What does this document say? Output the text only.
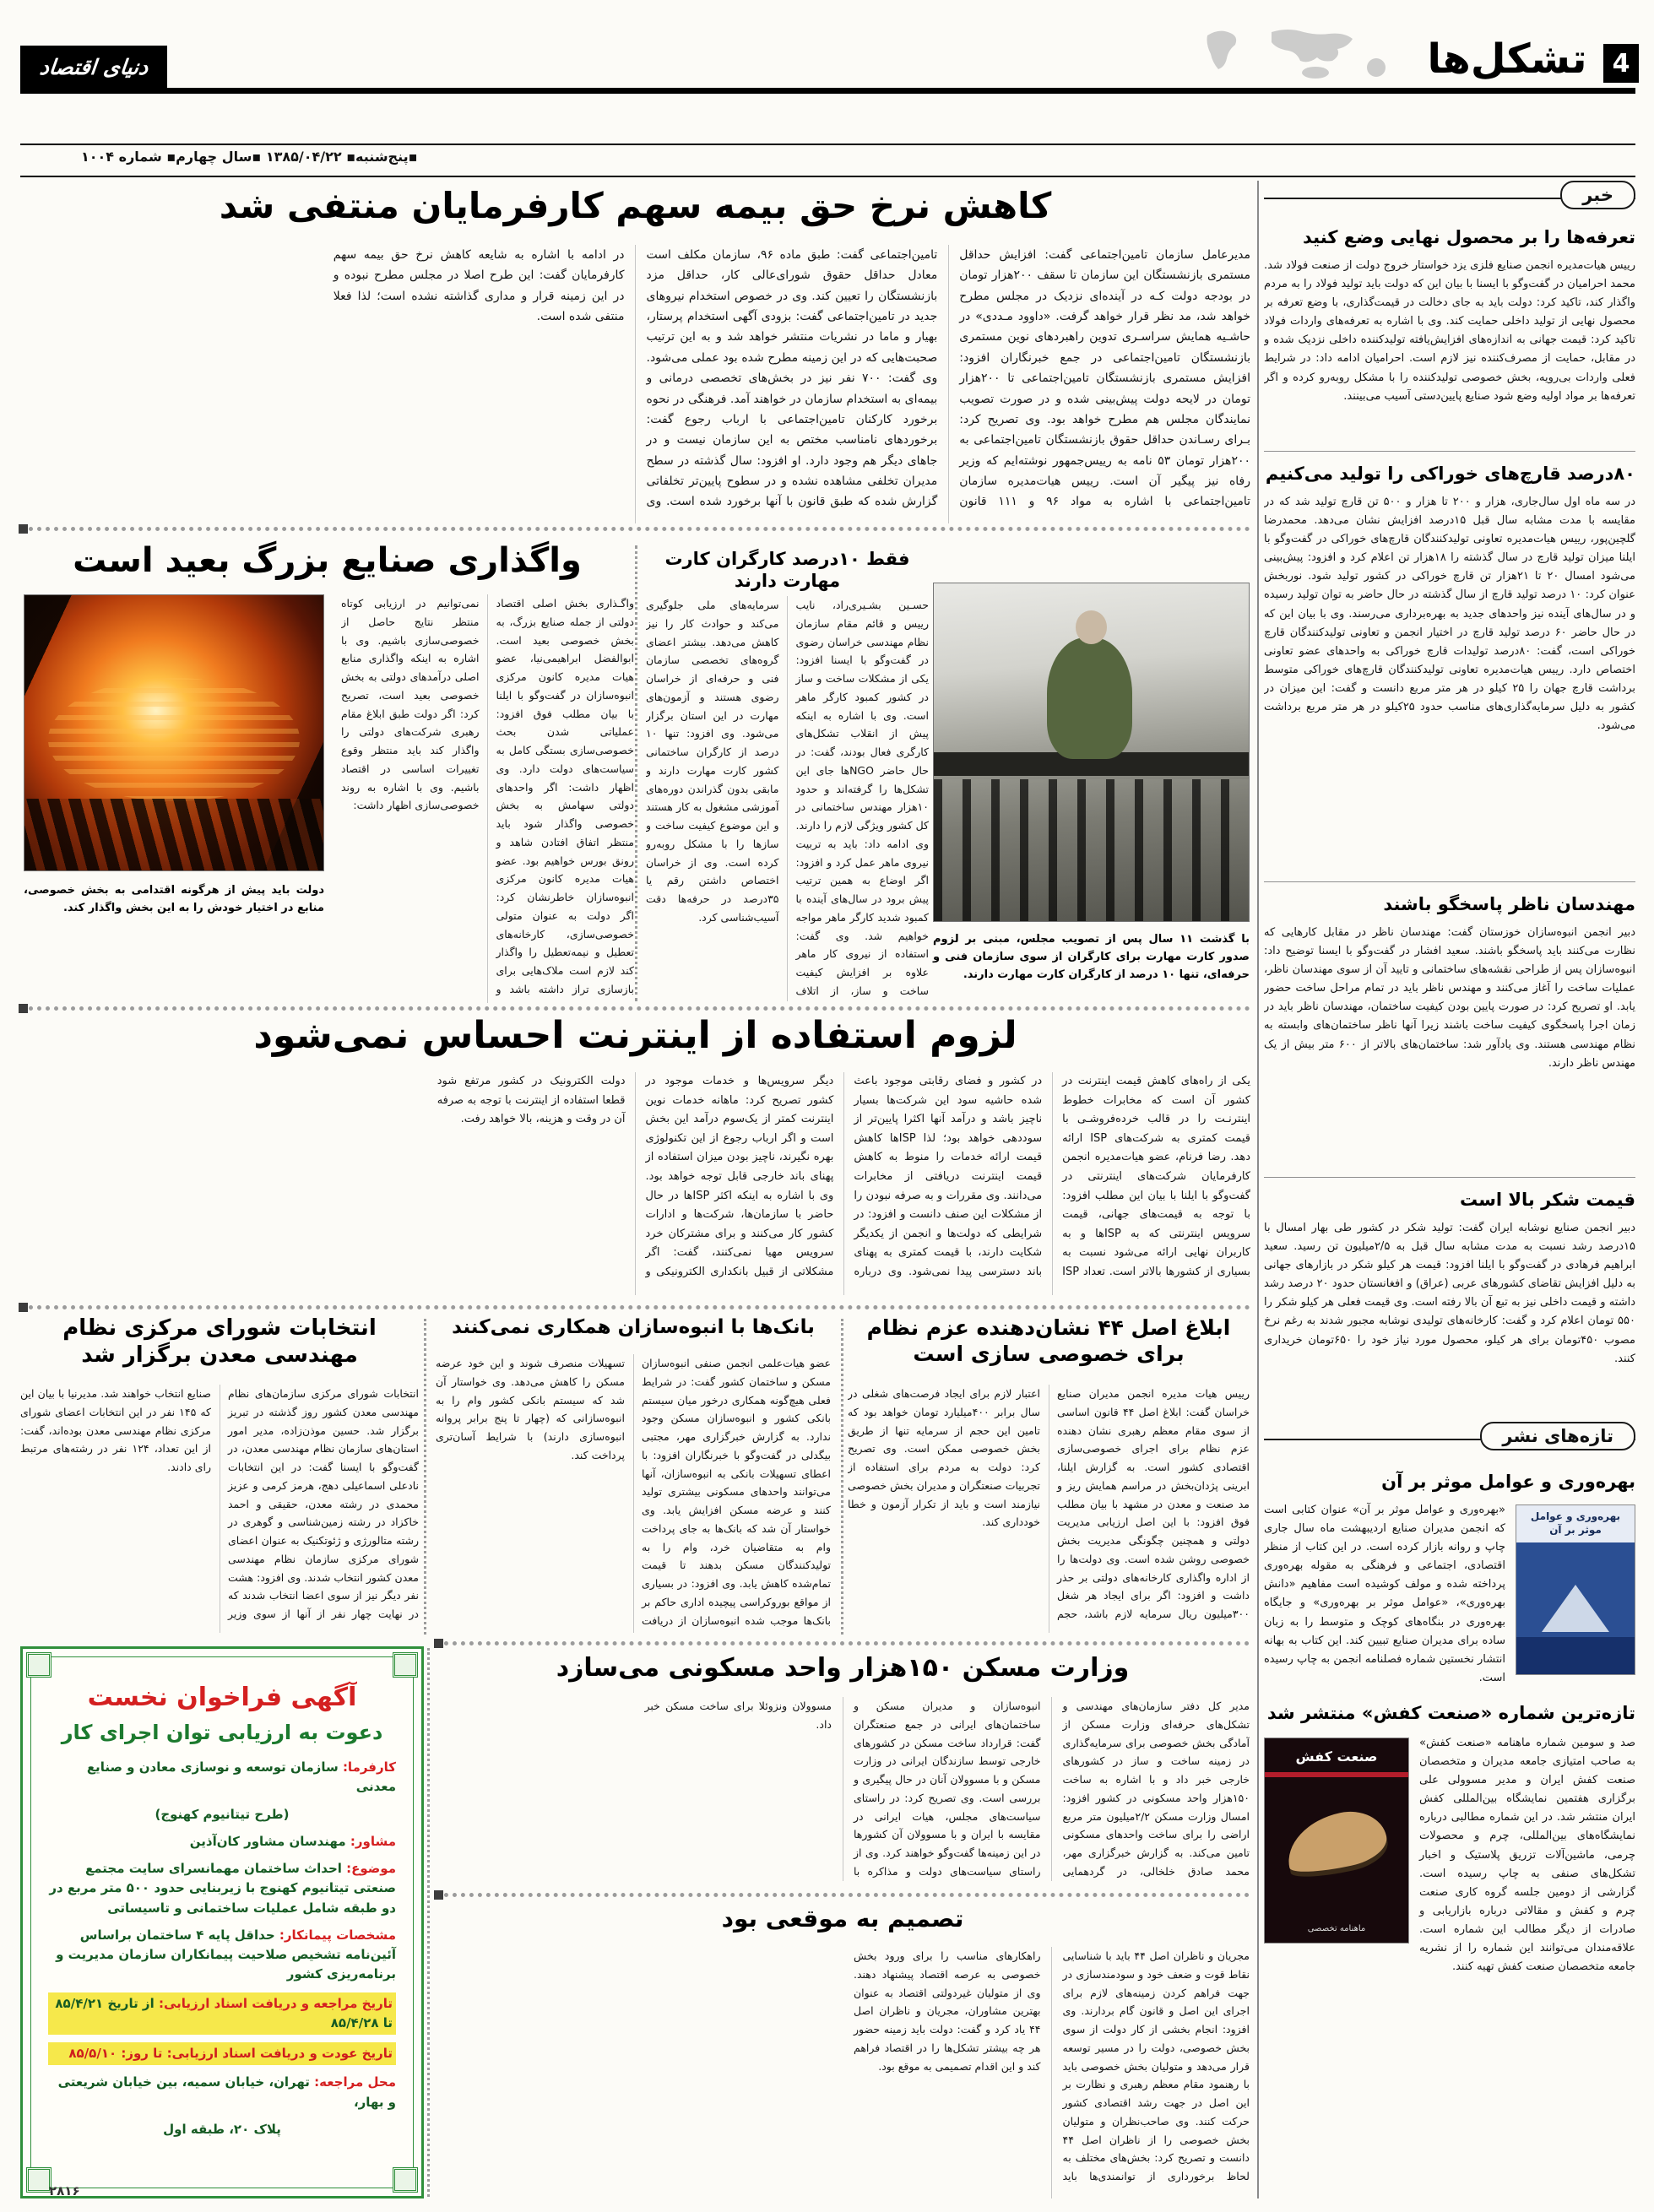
دنیای اقتصاد	تشکل‌ها	4
▪پنج‌شنبه▪ ۱۳۸۵/۰۴/۲۲ ▪سال چهارم▪ شماره ۱۰۰۴
کاهش نرخ حق بیمه سهم کارفرمایان منتفی شد
مدیرعامل سازمان تامین‌اجتماعی گفت: افزایش حداقل مستمری بازنشستگان این سازمان تا سقف ۲۰۰هزار تومان در بودجه دولت کـه در آینده‌ای نزدیک در مجلس مطرح خواهد شد، مد نظر قرار خواهد گرفت. «داوود مـددی» در حاشـیه همایش سراسـری تدوین راهبردهای نوین مستمری بازنشستگان تامین‌اجتماعی در جمع خبرنگاران افزود: افزایش مستمری بازنشستگان تامین‌اجتماعی تا ۲۰۰هزار تومان در لایحه دولت پیش‌بینی شده و در صورت تصویب نمایندگان مجلس هم مطرح خواهد بود. وی تصریح کرد: بـرای رسـاندن حداقل حقوق بازنشستگان تامین‌اجتماعی به ۲۰۰هزار تومان ۵۳ نامه به رییس‌جمهور نوشته‌ایم که وزیر رفاه نیز پیگیر آن است. رییس هیات‌مدیره سازمان تامین‌اجتماعی با اشاره به مواد ۹۶ و ۱۱۱ قانون تامین‌اجتماعی گفت: طبق ماده ۹۶، سازمان مکلف است معادل حداقل حقوق شورای‌عالی کار، حداقل مزد بازنشستگان را تعیین کند. وی در خصوص استخدام نیروهای جدید در تامین‌اجتماعی گفت: بزودی آگهی استخدام پرستار، بهیار و ماما در نشریات منتشر خواهد شد و به این ترتیب صحبت‌هایی که در این زمینه مطرح شده بود عملی می‌شود. وی گفت: ۷۰۰ نفر نیز در بخش‌های تخصصی درمانی و بیمه‌ای به استخدام سازمان در خواهند آمد. فرهنگی در نحوه برخورد کارکنان تامین‌اجتماعی با ارباب رجوع گفت: برخوردهای نامناسب مختص به این سازمان نیست و در جاهای دیگر هم وجود دارد. او افزود: سال گذشته در سطح مدیران تخلفی مشاهده نشده و در سطوح پایین‌تر تخلفاتی گزارش شده که طبق قانون با آنها برخورد شده است. وی در ادامه با اشاره به شایعه کاهش نرخ حق بیمه سهم کارفرمایان گفت: این طرح اصلا در مجلس مطرح نبوده و در این زمینه قرار و مداری گذاشته نشده است؛ لذا فعلا منتفی شده است.
واگذاری صنایع بزرگ بعید است
دولت باید پیش از هرگونه اقتدامی به بخش خصوصی، منابع در اختیار خودش را به این بخش واگذار کند.
واگـذاری بخش اصلی اقتصاد دولتی از جمله صنایع بزرگ، به بخش خصوصی بعید است. ابوالفضل ابراهیمی‌نیا، عضو هیات مدیره کانون مرکزی انبوه‌سازان در گفت‌وگو با ایلنا با بیان مطلب فوق افزود: عملیاتی شدن بحث خصوصی‌سازی بستگی کامل به سیاست‌های دولت دارد. وی اظهار داشت: اگر واحدهای دولتی سهامش به بخش خصوصی واگذار شود باید منتظر اتفاق افتادن شاهد و رونق بورس خواهیم بود. عضو هیات مدیره کانون مرکزی انبوه‌سازان خاطرنشان کرد: اگر دولت به عنوان متولی خصوصی‌سازی، کارخانه‌های تعطیل و نیمه‌تعطیل را واگذار کند لازم است ملاک‌هایی برای بازسازی تراز داشته باشد و نمی‌توانیم در ارزیابی کوتاه منتظر نتایج حاصل از خصوصی‌سازی باشیم. وی با اشاره به اینکه واگذاری منابع اصلی درآمدهای دولتی به بخش خصوصی بعید است، تصریح کرد: اگر دولت طبق ابلاغ مقام رهبری شرکت‌های دولتی را واگذار کند باید منتظر وقوع تغییرات اساسی در اقتصاد باشیم. وی با اشاره به روند خصوصی‌سازی اظهار داشت:
فقط ۱۰درصد کارگران کارت مهارت دارند
با گذشت ۱۱ سال پس از تصویب مجلس، مبنی بر لزوم صدور کارت مهارت برای کارگران از سوی سازمان فنی و حرفه‌ای، تنها ۱۰ درصد از کارگران کارت مهارت دارند.
حسـین بشـیری‌راد، نایب رییس و قائم مقام سازمان نظام مهندسی خراسان رضوی در گفت‌وگو با ایسنا افزود: یکی از مشکلات ساخت و ساز در کشور کمبود کارگر ماهر است. وی با اشاره به اینکه پیش از انقلاب تشکل‌های کارگری فعال بودند، گفت: در حال حاضر NGOها جای این تشکل‌ها را گرفته‌اند و حدود ۱۰هزار مهندس ساختمانی در کل کشور ویژگی لازم را دارند. وی ادامه داد: باید به تربیت نیروی ماهر عمل کرد و افزود: اگر اوضاع به همین ترتیب پیش برود در سال‌های آینده با کمبود شدید کارگر ماهر مواجه خواهیم شد. وی گفت: استفاده از نیروی کار ماهر علاوه بر افزایش کیفیت ساخت و ساز، از اتلاف سرمایه‌های ملی جلوگیری می‌کند و حوادث کار را نیز کاهش می‌دهد. بیشتر اعضای گروه‌های تخصصی سازمان فنی و حرفه‌ای از خراسان رضوی هستند و آزمون‌های مهارت در این استان برگزار می‌شود. وی افزود: تنها ۱۰ درصد از کارگران ساختمانی کشور کارت مهارت دارند و مابقی بدون گذراندن دوره‌های آموزشی مشغول به کار هستند و این موضوع کیفیت ساخت و سازها را با مشکل روبه‌رو کرده است. وی از خراسان اختصاص داشتن رقم یا ۳۵درصد در حرفه‌ها دقت آسیب‌شناسی کرد.
لزوم استفاده از اینترنت احساس نمی‌شود
یکی از راه‌های کاهش قیمت اینترنت در کشور آن است که مخابرات خطوط اینترنـت را در قالب خرده‌فروشـی با قیمت کمتری به شرکت‌های ISP ارائه دهد. رضا فرنام، عضو هیات‌مدیره انجمن کارفرمایان شرکت‌های اینترنتی در گفت‌وگو با ایلنا با بیان این مطلب افزود: با توجه به قیمت‌های جهانی، قیمت سرویس اینترنتی که به ISPها و به کاربران نهایی ارائه می‌شود نسبت به بسیاری از کشورها بالاتر است. تعداد ISP در کشور و فضای رقابتی موجود باعث شده حاشیه سود این شرکت‌ها بسیار ناچیز باشد و درآمد آنها اکثرا پایین‌تر از سوددهی خواهد بود؛ لذا ISPها کاهش قیمت ارائه خدمات را منوط به کاهش قیمت اینترنت دریافتی از مخابرات می‌دانند. وی مقررات و به صرفه نبودن را از مشکلات این صنف دانست و افزود: در شرایطی که دولت‌ها و انجمن از یکدیگر شکایت دارند، با قیمت کمتری به پهنای باند دسترسی پیدا نمی‌شود. وی درباره دیگر سرویس‌ها و خدمات موجود در کشور تصریح کرد: ماهانه خدمات نوین اینترنت کمتر از یک‌سوم درآمد این بخش است و اگر ارباب رجوع از این تکنولوژی بهره نگیرند، ناچیز بودن میزان استفاده از پهنای باند خارجی قابل توجه خواهد بود. وی با اشاره به اینکه اکثر ISPها در حال حاضر با سازمان‌ها، شرکت‌ها و ادارات کشور کار می‌کنند و برای مشترکان خرد سرویس مهیا نمی‌کنند، گفت: اگر مشکلاتی از قبیل بانکداری الکترونیکی و دولت الکترونیک در کشور مرتفع شود قطعا استفاده از اینترنت با توجه به صرفه آن در وقت و هزینه، بالا خواهد رفت.
انتخابات شورای مرکزی نظام مهندسی معدن برگزار شد
انتخابات شورای مرکزی سازمان‌های نظام مهندسی معدن کشور روز گذشته در تبریز برگزار شد. حسین موذن‌زاده، مدیر امور استان‌های سازمان نظام مهندسی معدن، در گفت‌وگو با ایسنا گفت: در این انتخابات نادعلی اسماعیلی دهج، هرمز کرمی و عزیز محمدی در رشته معدن، حقیقی و احمد خاکزاد در رشته زمین‌شناسی و گوهری در رشته متالورژی و ژئوتکنیک به عنوان اعضای شورای مرکزی سازمان نظام مهندسی معدن کشور انتخاب شدند. وی افزود: هشت نفر دیگر نیز از سوی اعضا انتخاب شدند که در نهایت چهار نفر از آنها از سوی وزیر صنایع انتخاب خواهند شد. مدیرنیا با بیان این که ۱۴۵ نفر در این انتخابات اعضای شورای مرکزی نظام مهندسی معدن بوده‌اند، گفت: از این تعداد، ۱۲۴ نفر در رشته‌های مرتبط رای دادند.
بانک‌ها با انبوه‌سازان همکاری نمی‌کنند
عضو هیات‌علمی انجمن صنفی انبوه‌سازان مسکن و ساختمان کشور گفت: در شرایط فعلی هیچ‌گونه همکاری درخور میان سیستم بانکی کشور و انبوه‌سازان مسکن وجود ندارد. به گزارش خبرگزاری مهر، مجتبی بیگدلی در گفت‌وگو با خبرنگاران افزود: با اعطای تسهیلات بانکی به انبوه‌سازان، آنها می‌توانند واحدهای مسکونی بیشتری تولید کنند و عرضه مسکن افزایش یابد. وی خواستار آن شد که بانک‌ها به جای پرداخت وام به متقاضیان خرد، وام را به تولیدکنندگان مسکن بدهند تا قیمت تمام‌شده کاهش یابد. وی افزود: در بسیاری از مواقع بوروکراسی پیچیده اداری حاکم بر بانک‌ها موجب شده انبوه‌سازان از دریافت تسهیلات منصرف شوند و این خود عرضه مسکن را کاهش می‌دهد. وی خواستار آن شد که سیستم بانکی کشور وام را به انبوه‌سازانی که (چهار تا پنج برابر پروانه انبوه‌سازی دارند) با شرایط آسان‌تری پرداخت کند.
ابلاغ اصل ۴۴ نشان‌دهنده عزم نظام برای خصوصی سازی است
رییس هیات مدیره انجمن مدیران صنایع خراسان گفت: ابلاغ اصل ۴۴ قانون اساسی از سوی مقام معظم رهبری نشان دهنده عزم نظام برای اجرای خصوصی‌سازی اقتصادی کشور است. به گزارش ایلنا، ابرینی پژدان‌بخش در مراسم همایش ریز و مد صنعت و معدن در مشهد با بیان مطلب فوق افزود: با این اصل ارزیابی مدیریت دولتی و همچنین چگونگی مدیریت بخش خصوصی روشن شده است. وی دولت‌ها را از اداره واگذاری کارخانه‌های دولتی بر حذر داشت و افزود: اگر برای ایجاد هر شغل ۳۰۰میلیون ریال سرمایه لازم باشد، حجم اعتبار لازم برای ایجاد فرصت‌های شغلی در سال برابر ۴۰۰میلیارد تومان خواهد بود که تامین این حجم از سرمایه تنها از طریق بخش خصوصی ممکن است. وی تصریح کرد: دولت به مردم برای استفاده از تجربیات صنعتگران و مدیران بخش خصوصی نیازمند است و باید از تکرار آزمون و خطا خودداری کند.
وزارت مسکن ۱۵۰هزار واحد مسکونی می‌سازد
مدیر کل دفتر سازمان‌های مهندسی و تشکل‌های حرفه‌ای وزارت مسکن از آمادگی بخش خصوصی برای سرمایه‌گذاری در زمینه ساخت و ساز در کشورهای خارجی خبر داد و با اشاره به ساخت ۱۵۰هزار واحد مسکونی در کشور افزود: امسال وزارت مسکن ۲/۲میلیون متر مربع اراضی را برای ساخت واحدهای مسکونی تامین می‌کند. به گزارش خبرگزاری مهر، محمد صادق خلخالی، در گردهمایی انبوه‌سازان و مدیران مسکن و ساختمان‌های ایرانی در جمع صنعتگران گفت: قرارداد ساخت مسکن در کشورهای خارجی توسط سازندگان ایرانی در وزارت مسکن و با مسوولان آنان در حال پیگیری و بررسی است. وی تصریح کرد: در راستای سیاست‌های مجلس، هیات ایرانی در مقایسه با ایران و با مسوولان آن کشورها در این زمینه‌ها گفت‌وگو خواهند کرد. وی از راستای سیاست‌های دولت و مذاکره با مسوولان ونزوئلا برای ساخت مسکن خبر داد.
تصمیم به موقعی بود
مجریان و ناظران اصل ۴۴ باید با شناسایی نقاط قوت و ضعف خود و سودمندسازی در جهت فراهم کردن زمینه‌های لازم برای اجرای این اصل و قانون گام بردارند. وی افزود: انجام بخشی از کار دولت از سوی بخش خصوصی، دولت را در مسیر توسعه قرار می‌دهد و متولیان بخش خصوصی باید با رهنمود مقام معظم رهبری و نظارت بر این اصل در جهت رشد اقتصادی کشور حرکت کنند. وی صاحب‌نظران و متولیان بخش خصوصی را از ناظران اصل ۴۴ دانست و تصریح کرد: بخش‌های مختلف به لحاظ برخورداری از توانمندی‌ها باید راهکارهای مناسب را برای ورود بخش خصوصی به عرصه اقتصاد پیشنهاد دهند. وی از متولیان غیردولتی اقتصاد به عنوان بهترین مشاوران، مجریان و ناظران اصل ۴۴ یاد کرد و گفت: دولت باید زمینه حضور هر چه بیشتر تشکل‌ها را در اقتصاد فراهم کند و این اقدام تصمیمی به موقع بود.
آگهی فراخوان نخست
دعوت به ارزیابی توان اجرای کار
کارفرما: سازمان توسعه و نوسازی معادن و صنایع معدنی
(طرح تیتانیوم کهنوج)
مشاور: مهندسان مشاور کان‌آذین
موضوع: احداث ساختمان مهمانسرای سایت مجتمع صنعتی تیتانیوم کهنوج با زیربنایی حدود ۵۰۰ متر مربع در دو طبقه شامل عملیات ساختمانی و تاسیساتی
مشخصات پیمانکار: حداقل پایه ۴ ساختمان براساس آئین‌نامه تشخیص صلاحیت پیمانکاران سازمان مدیریت و برنامه‌ریزی کشور
تاریخ مراجعه و دریافت اسناد ارزیابی: از تاریخ ۸۵/۴/۲۱ تا ۸۵/۴/۲۸
تاریخ عودت و دریافت اسناد ارزیابی: تا روز: ۸۵/۵/۱۰
محل مراجعه: تهران، خیابان سمیه، بین خیابان شریعتی و بهار،
پلاک ۲۰، طبقه اول
خبر
تعرفه‌ها را بر محصول نهایی وضع کنید
رییس هیات‌مدیره انجمن صنایع فلزی یزد خواستار خروج دولت از صنعت فولاد شد. محمد احرامیان در گفت‌وگو با ایسنا با بیان این که دولت باید تولید فولاد را به مردم واگذار کند، تاکید کرد: دولت باید به جای دخالت در قیمت‌گذاری، با وضع تعرفه بر محصول نهایی از تولید داخلی حمایت کند. وی با اشاره به تعرفه‌های واردات فولاد تاکید کرد: قیمت جهانی به اندازه‌های افزایش‌یافته تولیدکننده داخلی نزدیک شده و در مقابل، حمایت از مصرف‌کننده نیز لازم است. احرامیان ادامه داد: در شرایط فعلی واردات بی‌رویه، بخش خصوصی تولیدکننده را با مشکل روبه‌رو کرده و اگر تعرفه‌ها بر مواد اولیه وضع شود صنایع پایین‌دستی آسیب می‌بینند.
۸۰درصد قارچ‌های خوراکی را تولید می‌کنیم
در سه ماه اول سال‌جاری، هزار و ۲۰۰ تا هزار و ۵۰۰ تن قارچ تولید شد که در مقایسه با مدت مشابه سال قبل ۱۵درصد افزایش نشان می‌دهد. محمدرضا گلچین‌پور، رییس هیات‌مدیره تعاونی تولیدکنندگان قارچ‌های خوراکی در گفت‌وگو با ایلنا میزان تولید قارچ در سال گذشته را ۱۸هزار تن اعلام کرد و افزود: پیش‌بینی می‌شود امسال ۲۰ تا ۲۱هزار تن قارچ خوراکی در کشور تولید شود. نوربخش عنوان کرد: ۱۰ درصد تولید قارچ از سال گذشته در حال حاضر به توان تولید رسیده و در سال‌های آینده نیز واحدهای جدید به بهره‌برداری می‌رسند. وی با بیان این که در حال حاضر ۶۰ درصد تولید قارچ در اختیار انجمن و تعاونی تولیدکنندگان قارچ خوراکی است، گفت: ۸۰درصد تولیدات قارچ خوراکی به واحدهای عضو تعاونی اختصاص دارد. رییس هیات‌مدیره تعاونی تولیدکنندگان قارچ‌های خوراکی متوسط برداشت قارچ جهان را ۲۵ کیلو در هر متر مربع دانست و گفت: این میزان در کشور به دلیل سرمایه‌گذاری‌های مناسب حدود ۲۵کیلو در هر متر مربع برداشت می‌شود.
مهندسان ناظر پاسخگو باشند
دبیر انجمن انبوه‌سازان خوزستان گفت: مهندسان ناظر در مقابل کارهایی که نظارت می‌کنند باید پاسخگو باشند. سعید افشار در گفت‌وگو با ایسنا توضیح داد: انبوه‌سازان پس از طراحی نقشه‌های ساختمانی و تایید آن از سوی مهندسان ناظر، عملیات ساخت را آغاز می‌کنند و مهندس ناظر باید در تمام مراحل ساخت حضور یابد. او تصریح کرد: در صورت پایین بودن کیفیت ساختمان، مهندسان ناظر باید در زمان اجرا پاسخگوی کیفیت ساخت باشند زیرا آنها ناظر ساختمان‌های وابسته به نظام مهندسی هستند. وی یادآور شد: ساختمان‌های بالاتر از ۶۰۰ متر بیش از یک مهندس ناظر دارند.
قیمت شکر بالا است
دبیر انجمن صنایع نوشابه ایران گفت: تولید شکر در کشور طی بهار امسال با ۱۵درصد رشد نسبت به مدت مشابه سال قبل به ۲/۵میلیون تن رسید. سعید ابراهیم فرهادی در گفت‌وگو با ایلنا افزود: قیمت هر کیلو شکر در بازارهای جهانی به دلیل افزایش تقاضای کشورهای عربی (عراق) و افغانستان حدود ۲۰ درصد رشد داشته و قیمت داخلی نیز به تبع آن بالا رفته است. وی قیمت فعلی هر کیلو شکر را ۵۵۰ تومان اعلام کرد و گفت: کارخانه‌های تولیدی نوشابه مجبور شدند به رغم نرخ مصوب ۴۵۰تومان برای هر کیلو، محصول مورد نیاز خود را ۶۵۰تومان خریداری کنند.
تازه‌های نشر
بهره‌وری و عوامل موثر بر آن
بهره‌وری و عوامل موثر بر آن
«بهره‌وری و عوامل موثر بر آن» عنوان کتابی است که انجمن مدیران صنایع اردیبهشت ماه سال جاری چاپ و روانه بازار کرده است. در این کتاب از منظر اقتصادی، اجتماعی و فرهنگی به مقوله بهره‌وری پرداخته شده و مولف کوشیده است مفاهیم «دانش بهره‌وری»، «عوامل موثر بر بهره‌وری» و جایگاه بهره‌وری در بنگاه‌های کوچک و متوسط را به زبان ساده برای مدیران صنایع تبیین کند. این کتاب به بهانه انتشار نخستین شماره فصلنامه انجمن به چاپ رسیده است.
تازه‌ترین شماره «صنعت کفش» منتشر شد
صنعت کفش
ماهنامه تخصصی
صد و سومین شماره ماهنامه «صنعت کفش» به صاحب امتیازی جامعه مدیران و متخصصان صنعت کفش ایران و مدیر مسوولی علی برگزاری هفتمین نمایشگاه بین‌المللی کفش ایران منتشر شد. در این شماره مطالبی درباره نمایشگاه‌های بین‌المللی، چرم و محصولات چرمی، ماشین‌آلات تزریق پلاستیک و اخبار تشکل‌های صنفی به چاپ رسیده است. گزارشی از دومین جلسه گروه کاری صنعت چرم و کفش و مقالاتی درباره بازاریابی و صادرات از دیگر مطالب این شماره است. علاقه‌مندان می‌توانند این شماره را از نشریه جامعه متخصصان صنعت کفش تهیه کنند.
۲۸۱۶
